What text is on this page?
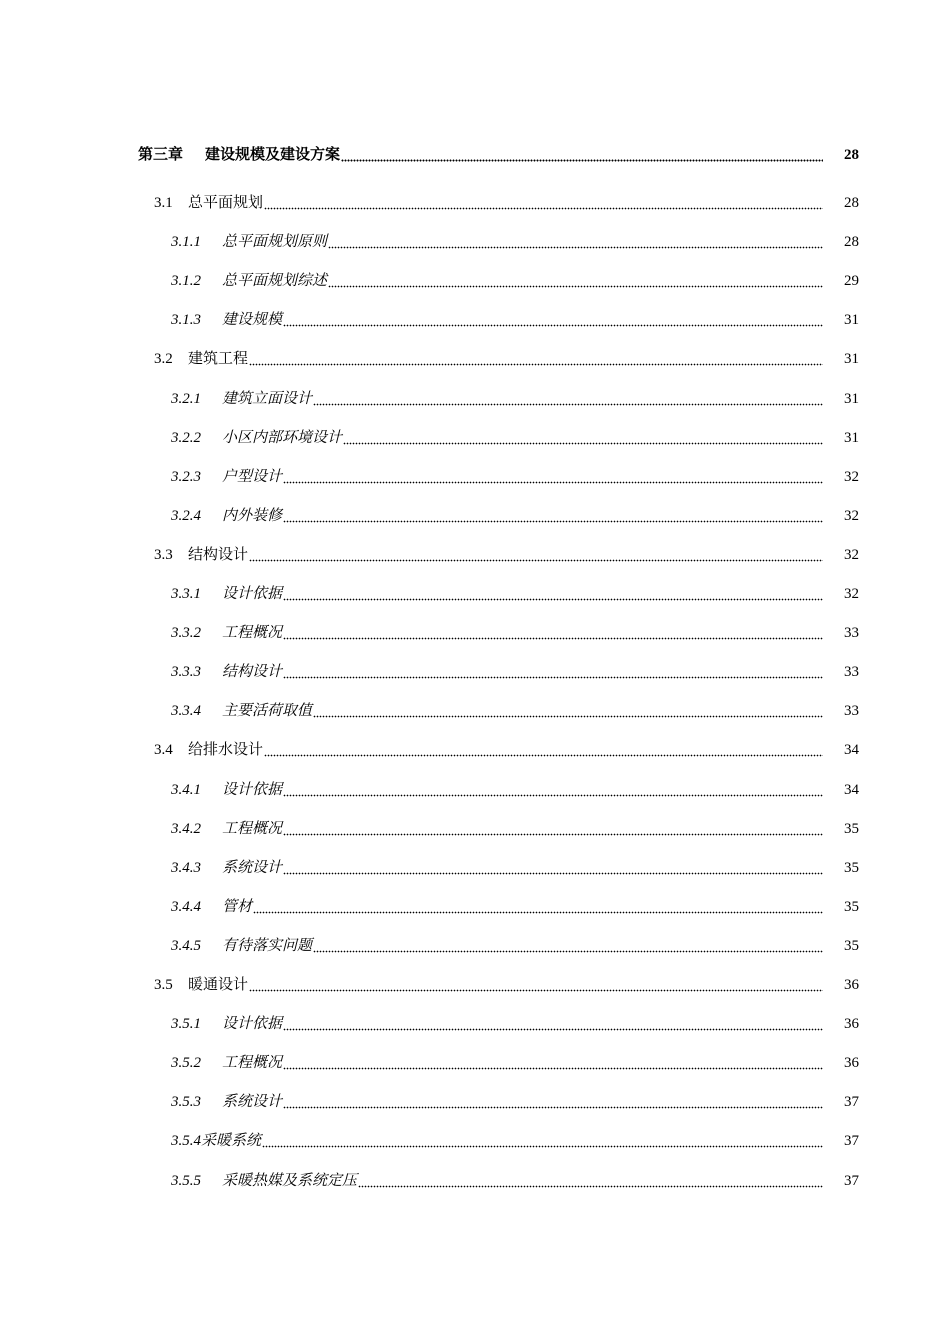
第三章 建设规模及建设方案	28
3.1 总平面规划	28
3.1.1 总平面规划原则	28
3.1.2 总平面规划综述	29
3.1.3 建设规模	31
3.2 建筑工程	31
3.2.1 建筑立面设计	31
3.2.2 小区内部环境设计	31
3.2.3 户型设计	32
3.2.4 内外装修	32
3.3 结构设计	32
3.3.1 设计依据	32
3.3.2 工程概况	33
3.3.3 结构设计	33
3.3.4 主要活荷取值	33
3.4 给排水设计	34
3.4.1 设计依据	34
3.4.2 工程概况	35
3.4.3 系统设计	35
3.4.4 管材	35
3.4.5 有待落实问题	35
3.5 暖通设计	36
3.5.1 设计依据	36
3.5.2 工程概况	36
3.5.3 系统设计	37
3.5.4采暖系统	37
3.5.5 采暖热媒及系统定压	37
